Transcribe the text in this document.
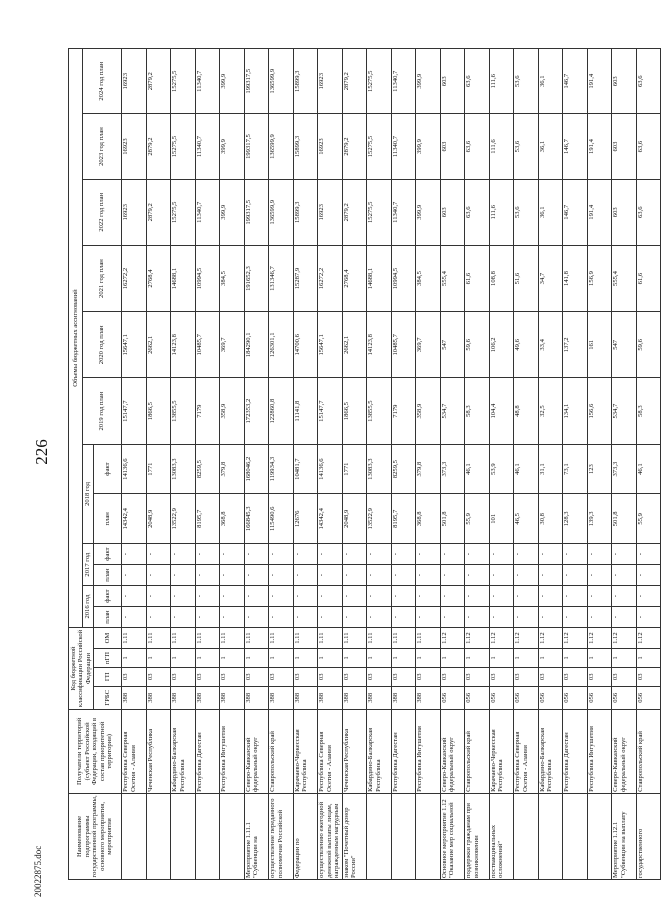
226
20022875.doc
Наименование подпрограммы государственной программы, основного мероприятия, мероприятия	Получатели территорий (субъект Российской Федерации, входящий в состав приоритетной территории)	Код бюджетной классификации Российской Федерации				Объемы бюджетных ассигнований											
						2016 год		2017 год		2018 год		2019 год план	2020 год план	2021 год план	2022 год план	2023 год план	2024 год план
		ГРБС	ГП	пГП	ОМ	план	факт	план	факт	план	факт						

	Республика Северная Осетия - Алания	388	03	1	1.11	-	-	-	-	14342,4	14136,6	15147,7	15647,1	16272,2	16923	16923	16923
	Чеченская Республика	388	03	1	1.11	-	-	-	-	2048,9	1771	1866,5	2662,1	2768,4	2879,2	2879,2	2879,2
	Кабардино-Балкарская Республика	388	03	1	1.11	-	-	-	-	13522,9	13083,3	13855,5	14123,8	14688,1	15275,5	15275,5	15275,5
	Республика Дагестан	388	03	1	1.11	-	-	-	-	8195,7	8259,5	7179	10485,7	10994,5	11340,7	11340,7	11340,7
	Республика Ингушетия	388	03	1	1.11	-	-	-	-	368,8	379,8	358,9	369,7	384,5	399,9	399,9	399,9
Мероприятие 1.11.1 "Субвенции на	Северо-Кавказский федеральный округ	388	03	1	1.11	-	-	-	-	166845,3	168046,2	172353,2	184290,1	191652,3	199317,5	199317,5	199317,5
осуществление переданного полномочия Российской	Ставропольский край	388	03	1	1.11	-	-	-	-	115490,6	119934,3	122860,8	126301,1	131346,7	136599,9	136599,9	136599,9
Федерации по	Карачаево-Черкесская Республика	388	03	1	1.11	-	-	-	-	12676	10481,7	11141,8	14700,6	15287,9	15899,3	15899,3	15899,3
осуществлению ежегодной денежной выплаты лицам, награжденным нагрудным	Республика Северная Осетия - Алания	388	03	1	1.11	-	-	-	-	14342,4	14136,6	15147,7	15647,1	16272,2	16923	16923	16923
знаком "Почетный донор России"	Чеченская Республика	388	03	1	1.11	-	-	-	-	2048,9	1771	1866,5	2662,1	2768,4	2879,2	2879,2	2879,2
	Кабардино-Балкарская Республика	388	03	1	1.11	-	-	-	-	13522,9	13083,3	13855,5	14123,8	14688,1	15275,5	15275,5	15275,5
	Республика Дагестан	388	03	1	1.11	-	-	-	-	8195,7	8259,5	7179	10485,7	10994,5	11340,7	11340,7	11340,7
	Республика Ингушетия	388	03	1	1.11	-	-	-	-	368,8	379,8	358,9	369,7	384,5	399,9	399,9	399,9
Основное мероприятие 1.12 "Оказание мер социальной	Северо-Кавказский федеральный округ	056	03	1	1.12	-	-	-	-	501,8	373,3	534,7	547	555,4	603	603	603
поддержки гражданам при возникновении	Ставропольский край	056	03	1	1.12	-	-	-	-	55,9	46,1	58,3	59,6	61,6	63,6	63,6	63,6
поствакцинальных осложнений"	Карачаево-Черкесская Республика	056	03	1	1.12	-	-	-	-	101	53,9	104,4	106,2	108,8	111,6	111,6	111,6
	Республика Северная Осетия - Алания	056	03	1	1.12	-	-	-	-	46,5	46,1	48,8	49,6	51,6	53,6	53,6	53,6
	Кабардино-Балкарская Республика	056	03	1	1.12	-	-	-	-	30,8	31,1	32,5	33,4	34,7	36,1	36,1	36,1
	Республика Дагестан	056	03	1	1.12	-	-	-	-	128,3	73,1	134,1	137,2	141,8	146,7	146,7	146,7
	Республика Ингушетия	056	03	1	1.12	-	-	-	-	139,3	123	156,6	161	156,9	191,4	191,4	191,4
Мероприятие 1.12.1 "Субвенции на выплату	Северо-Кавказский федеральный округ	056	03	1	1.12	-	-	-	-	501,8	373,3	534,7	547	555,4	603	603	603
государственного	Ставропольский край	056	03	1	1.12	-	-	-	-	55,9	46,1	58,3	59,6	61,6	63,6	63,6	63,6
